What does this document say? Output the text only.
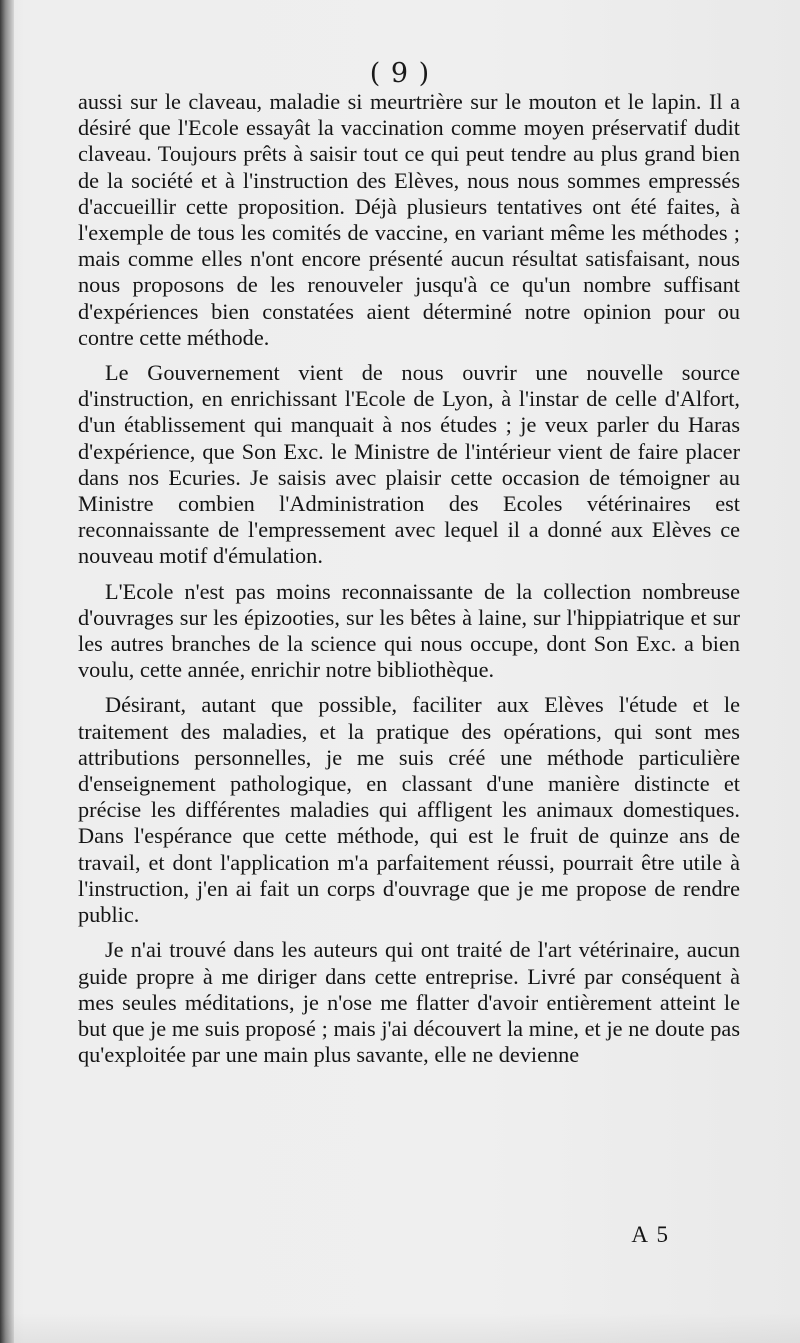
( 9 )

aussi sur le claveau, maladie si meurtrière sur le mouton et le lapin. Il a désiré que l'Ecole essayât la vaccination comme moyen préservatif dudit claveau. Toujours prêts à saisir tout ce qui peut tendre au plus grand bien de la société et à l'instruction des Elèves, nous nous sommes empressés d'accueillir cette proposition. Déjà plusieurs tentatives ont été faites, à l'exemple de tous les comités de vaccine, en variant même les méthodes ; mais comme elles n'ont encore présenté aucun résultat satisfaisant, nous nous proposons de les renouveler jusqu'à ce qu'un nombre suffisant d'expériences bien constatées aient déterminé notre opinion pour ou contre cette méthode.

Le Gouvernement vient de nous ouvrir une nouvelle source d'instruction, en enrichissant l'Ecole de Lyon, à l'instar de celle d'Alfort, d'un établissement qui manquait à nos études ; je veux parler du Haras d'expérience, que Son Exc. le Ministre de l'intérieur vient de faire placer dans nos Ecuries. Je saisis avec plaisir cette occasion de témoigner au Ministre combien l'Administration des Ecoles vétérinaires est reconnaissante de l'empressement avec lequel il a donné aux Elèves ce nouveau motif d'émulation.

L'Ecole n'est pas moins reconnaissante de la collection nombreuse d'ouvrages sur les épizooties, sur les bêtes à laine, sur l'hippiatrique et sur les autres branches de la science qui nous occupe, dont Son Exc. a bien voulu, cette année, enrichir notre bibliothèque.

Désirant, autant que possible, faciliter aux Elèves l'étude et le traitement des maladies, et la pratique des opérations, qui sont mes attributions personnelles, je me suis créé une méthode particulière d'enseignement pathologique, en classant d'une manière distincte et précise les différentes maladies qui affligent les animaux domestiques. Dans l'espérance que cette méthode, qui est le fruit de quinze ans de travail, et dont l'application m'a parfaitement réussi, pourrait être utile à l'instruction, j'en ai fait un corps d'ouvrage que je me propose de rendre public.

Je n'ai trouvé dans les auteurs qui ont traité de l'art vétérinaire, aucun guide propre à me diriger dans cette entreprise. Livré par conséquent à mes seules méditations, je n'ose me flatter d'avoir entièrement atteint le but que je me suis proposé ; mais j'ai découvert la mine, et je ne doute pas qu'exploitée par une main plus savante, elle ne devienne

A 5
